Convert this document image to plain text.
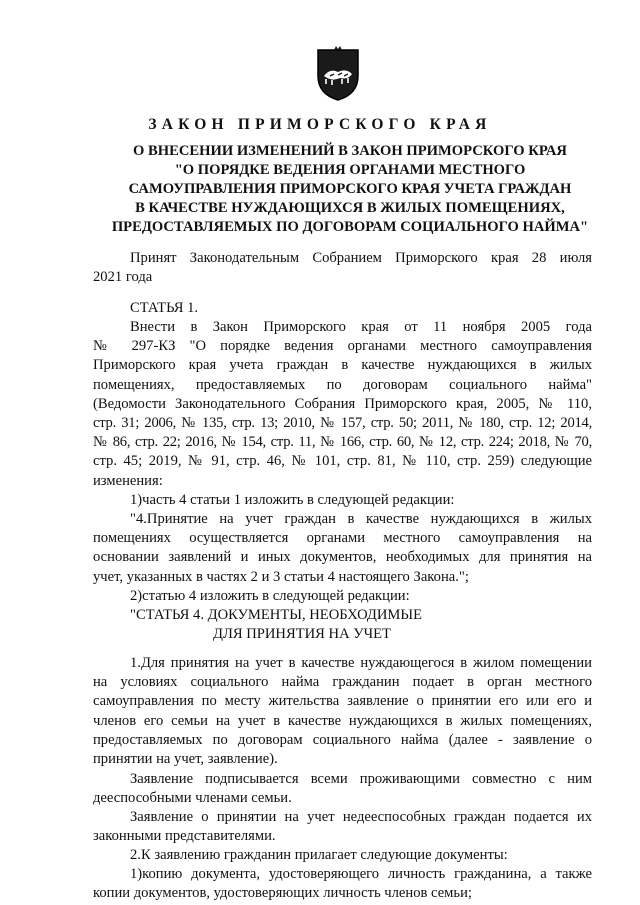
ЗАКОН ПРИМОРСКОГО КРАЯ
О ВНЕСЕНИИ ИЗМЕНЕНИЙ В ЗАКОН ПРИМОРСКОГО КРАЯ
"О ПОРЯДКЕ ВЕДЕНИЯ ОРГАНАМИ МЕСТНОГО
САМОУПРАВЛЕНИЯ ПРИМОРСКОГО КРАЯ УЧЕТА ГРАЖДАН
В КАЧЕСТВЕ НУЖДАЮЩИХСЯ В ЖИЛЫХ ПОМЕЩЕНИЯХ,
ПРЕДОСТАВЛЯЕМЫХ ПО ДОГОВОРАМ СОЦИАЛЬНОГО НАЙМА"
Принят Законодательным Собранием Приморского края 28 июля
2021 года
СТАТЬЯ 1.
Внести в Закон Приморского края от 11 ноября 2005 года
№ 297-КЗ "О порядке ведения органами местного самоуправления
Приморского края учета граждан в качестве нуждающихся в жилых
помещениях, предоставляемых по договорам социального найма"
(Ведомости Законодательного Собрания Приморского края, 2005, № 110,
стр. 31; 2006, № 135, стр. 13; 2010, № 157, стр. 50; 2011, № 180, стр. 12; 2014,
№ 86, стр. 22; 2016, № 154, стр. 11, № 166, стр. 60, № 12, стр. 224; 2018, № 70,
стр. 45; 2019, № 91, стр. 46, № 101, стр. 81, № 110, стр. 259) следующие
изменения:
1)часть 4 статьи 1 изложить в следующей редакции:
"4.Принятие на учет граждан в качестве нуждающихся в жилых
помещениях осуществляется органами местного самоуправления на
основании заявлений и иных документов, необходимых для принятия на
учет, указанных в частях 2 и 3 статьи 4 настоящего Закона.";
2)статью 4 изложить в следующей редакции:
"СТАТЬЯ 4. ДОКУМЕНТЫ, НЕОБХОДИМЫЕ
ДЛЯ ПРИНЯТИЯ НА УЧЕТ
1.Для принятия на учет в качестве нуждающегося в жилом помещении
на условиях социального найма гражданин подает в орган местного
самоуправления по месту жительства заявление о принятии его или его и
членов его семьи на учет в качестве нуждающихся в жилых помещениях,
предоставляемых по договорам социального найма (далее - заявление о
принятии на учет, заявление).
Заявление подписывается всеми проживающими совместно с ним
дееспособными членами семьи.
Заявление о принятии на учет недееспособных граждан подается их
законными представителями.
2.К заявлению гражданин прилагает следующие документы:
1)копию документа, удостоверяющего личность гражданина, а также
копии документов, удостоверяющих личность членов семьи;
